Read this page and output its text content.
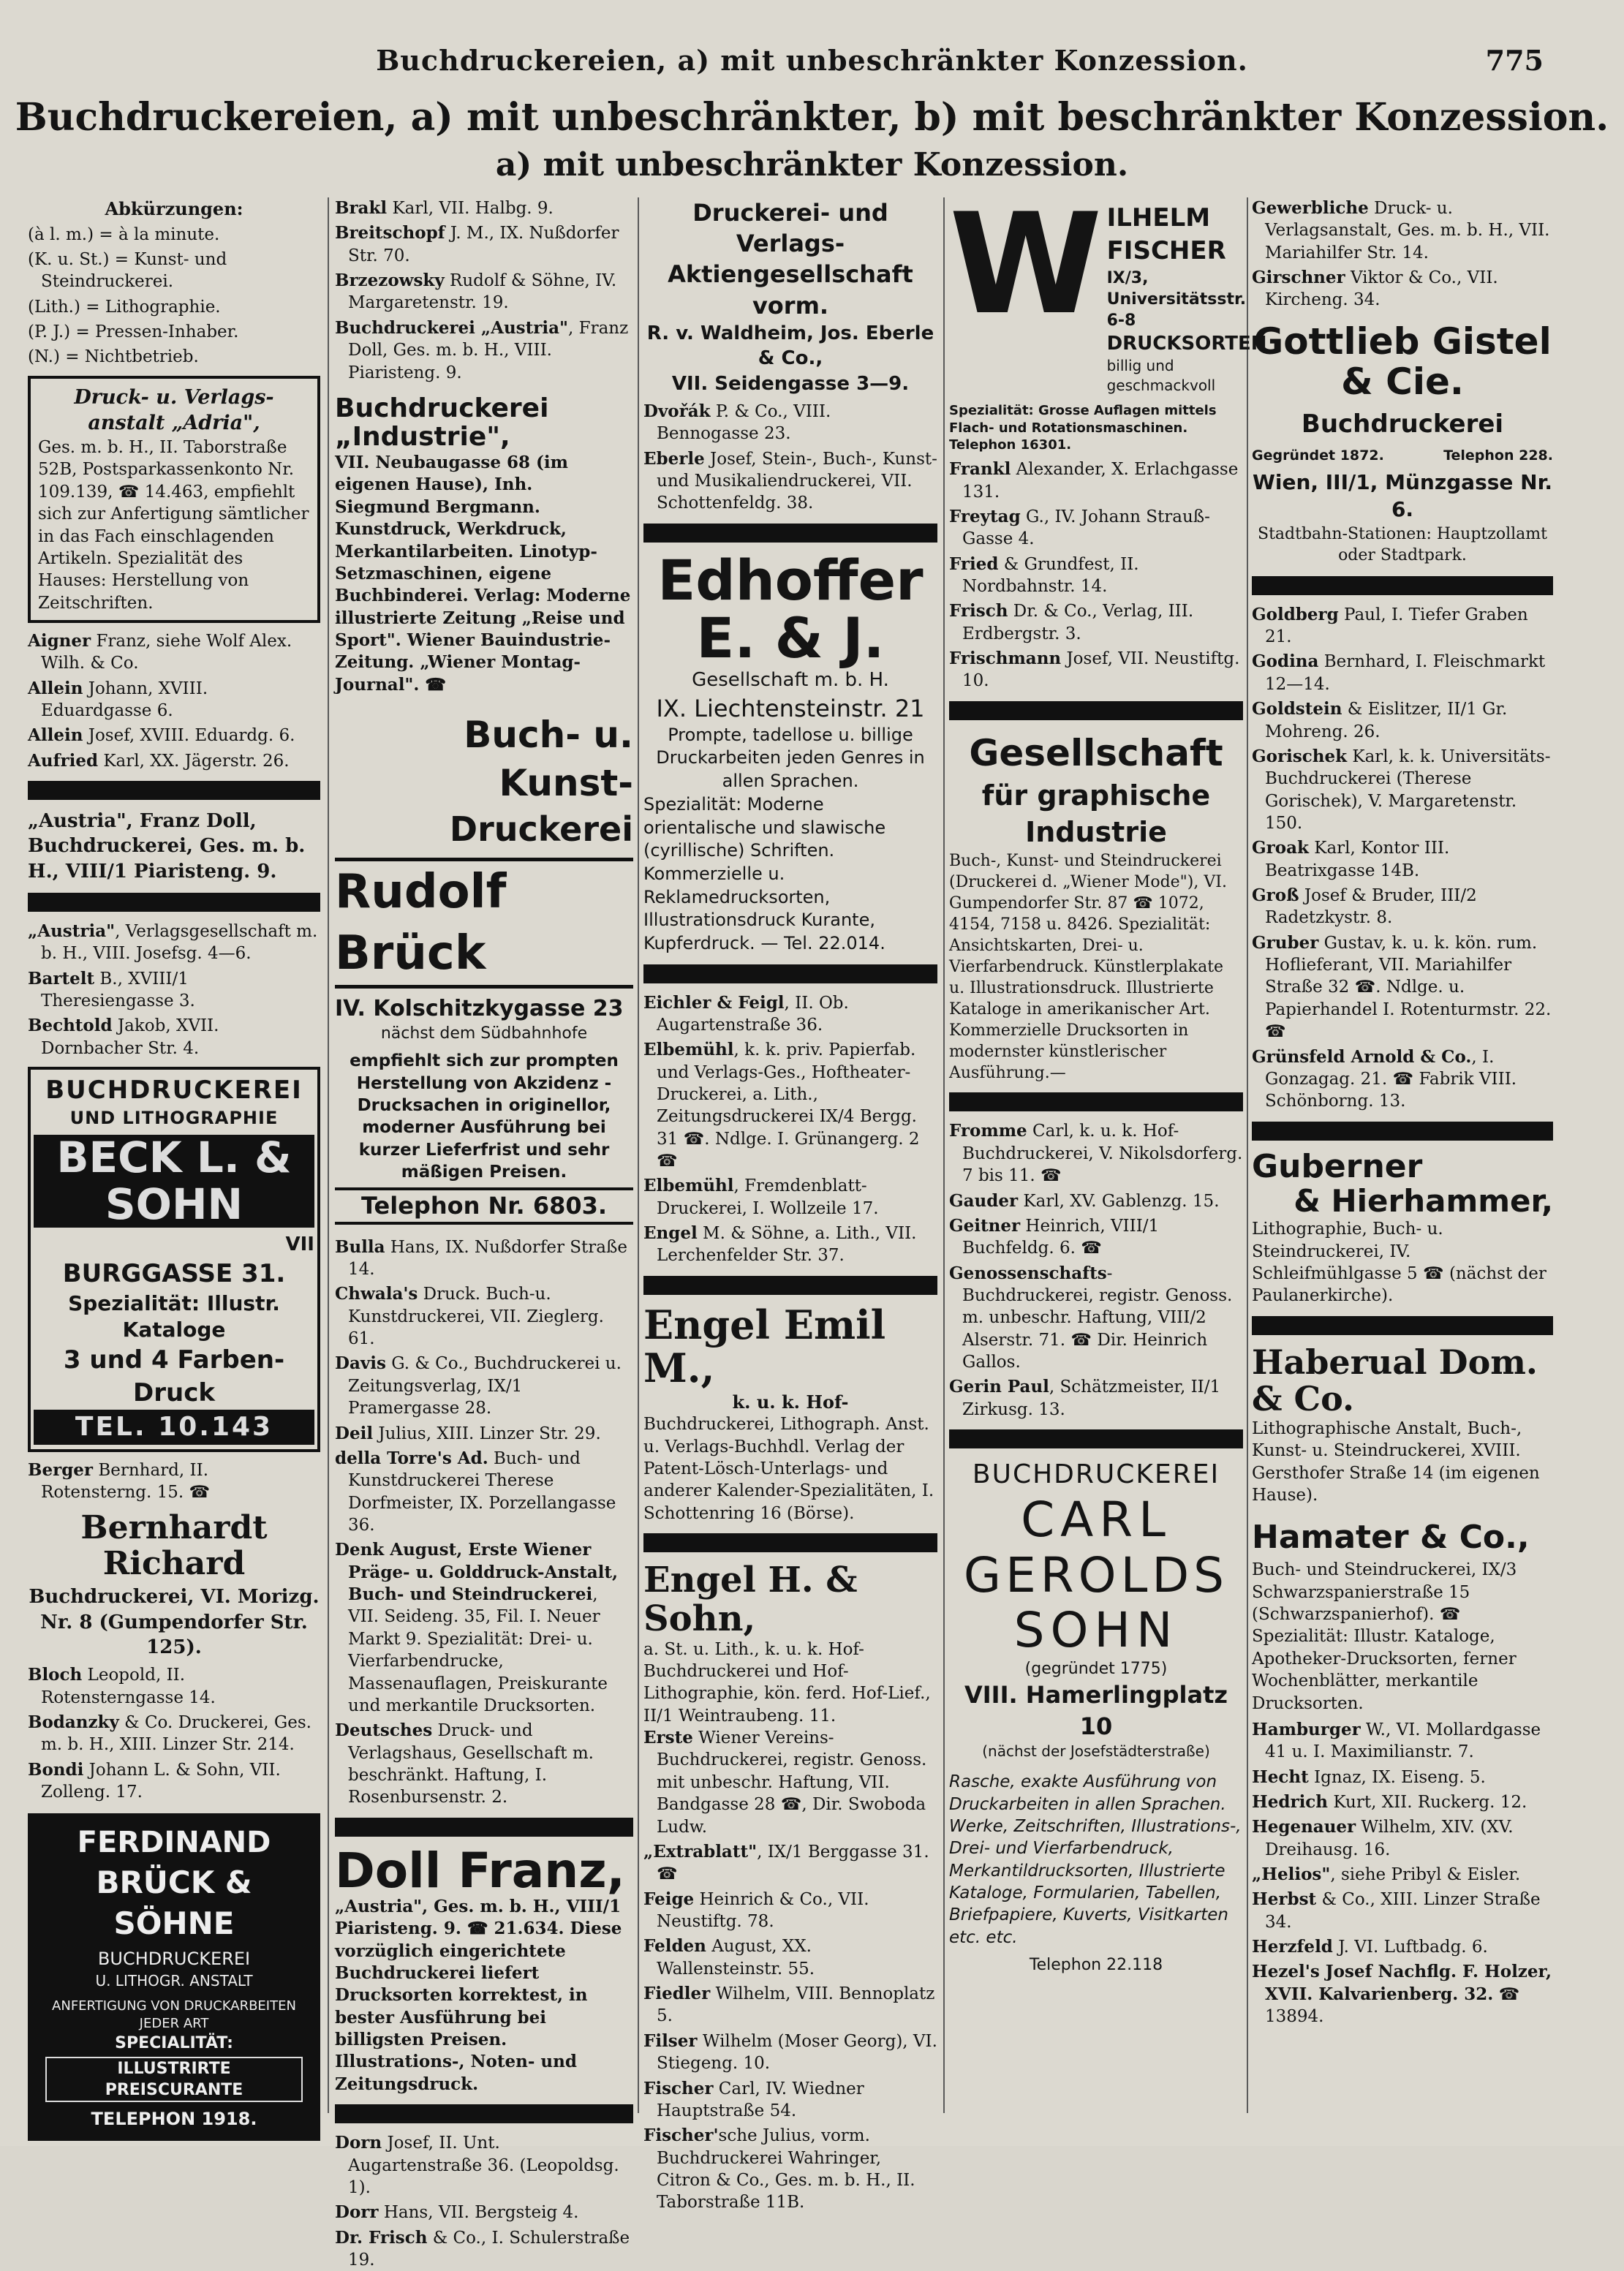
Buchdruckereien, a) mit unbeschränkter Konzession.	775
Buchdruckereien, a) mit unbeschränkter, b) mit beschränkter Konzession.
a) mit unbeschränkter Konzession.
Abkürzungen:
(à l. m.) = à la minute.
(K. u. St.) = Kunst- und Steindruckerei.
(Lith.) = Lithographie.
(P. J.) = Pressen-Inhaber.
(N.) = Nichtbetrieb.
Druck- u. Verlags-anstalt „Adria",
Ges. m. b. H., II. Taborstraße 52B, Postsparkassenkonto Nr. 109.139, ☎ 14.463, empfiehlt sich zur Anfertigung sämtlicher in das Fach einschlagenden Artikeln. Spezialität des Hauses: Herstellung von Zeitschriften.
Aigner Franz, siehe Wolf Alex. Wilh. & Co.
Allein Johann, XVIII. Eduardgasse 6.
Allein Josef, XVIII. Eduardg. 6.
Aufried Karl, XX. Jägerstr. 26.
„Austria", Franz Doll, Buchdruckerei, Ges. m. b. H., VIII/1 Piaristeng. 9.
„Austria", Verlagsgesellschaft m. b. H., VIII. Josefsg. 4—6.
Bartelt B., XVIII/1 Theresiengasse 3.
Bechtold Jakob, XVII. Dornbacher Str. 4.
BUCHDRUCKEREI
UND LITHOGRAPHIE
BECK L. & SOHN
VII
BURGGASSE 31.
Spezialität: Illustr. Kataloge
3 und 4 Farben-Druck
TEL. 10.143
Berger Bernhard, II. Rotensterng. 15. ☎
Bernhardt Richard
Buchdruckerei, VI. Morizg. Nr. 8 (Gumpendorfer Str. 125).
Bloch Leopold, II. Rotensterngasse 14.
Bodanzky & Co. Druckerei, Ges. m. b. H., XIII. Linzer Str. 214.
Bondi Johann L. & Sohn, VII. Zolleng. 17.
FERDINAND
BRÜCK & SÖHNE
BUCHDRUCKEREI
U. LITHOGR. ANSTALT
ANFERTIGUNG VON DRUCKARBEITEN JEDER ART
SPECIALITÄT:
ILLUSTRIRTE PREISCURANTE
TELEPHON 1918.
Brakl Karl, VII. Halbg. 9.
Breitschopf J. M., IX. Nußdorfer Str. 70.
Brzezowsky Rudolf & Söhne, IV. Margaretenstr. 19.
Buchdruckerei „Austria", Franz Doll, Ges. m. b. H., VIII. Piaristeng. 9.
Buchdruckerei „Industrie",
VII. Neubaugasse 68 (im eigenen Hause), Inh. Siegmund Bergmann. Kunstdruck, Werkdruck, Merkantilarbeiten. Linotyp-Setzmaschinen, eigene Buchbinderei. Verlag: Moderne illustrierte Zeitung „Reise und Sport". Wiener Bauindustrie-Zeitung. „Wiener Montag-Journal". ☎
Buch- u. Kunst-
Druckerei
Rudolf Brück
IV. Kolschitzkygasse 23
nächst dem Südbahnhofe
empfiehlt sich zur prompten Herstellung von Akzidenz - Drucksachen in originellor, moderner Ausführung bei kurzer Lieferfrist und sehr mäßigen Preisen.
Telephon Nr. 6803.
Bulla Hans, IX. Nußdorfer Straße 14.
Chwala's Druck. Buch-u. Kunstdruckerei, VII. Zieglerg. 61.
Davis G. & Co., Buchdruckerei u. Zeitungsverlag, IX/1 Pramergasse 28.
Deil Julius, XIII. Linzer Str. 29.
della Torre's Ad. Buch- und Kunstdruckerei Therese Dorfmeister, IX. Porzellangasse 36.
Denk August, Erste Wiener Präge- u. Golddruck-Anstalt, Buch- und Steindruckerei, VII. Seideng. 35, Fil. I. Neuer Markt 9. Spezialität: Drei- u. Vierfarbendrucke, Massenauflagen, Preiskurante und merkantile Drucksorten.
Deutsches Druck- und Verlagshaus, Gesellschaft m. beschränkt. Haftung, I. Rosenbursenstr. 2.
Doll Franz,
„Austria", Ges. m. b. H., VIII/1 Piaristeng. 9. ☎ 21.634. Diese vorzüglich eingerichtete Buchdruckerei liefert Drucksorten korrektest, in bester Ausführung bei billigsten Preisen. Illustrations-, Noten- und Zeitungsdruck.
Dorn Josef, II. Unt. Augartenstraße 36. (Leopoldsg. 1).
Dorr Hans, VII. Bergsteig 4.
Dr. Frisch & Co., I. Schulerstraße 19.
Druckerei- und Verlags-
Aktiengesellschaft vorm.
R. v. Waldheim, Jos. Eberle & Co.,
VII. Seidengasse 3—9.
Dvořák P. & Co., VIII. Bennogasse 23.
Eberle Josef, Stein-, Buch-, Kunst- und Musikaliendruckerei, VII. Schottenfeldg. 38.
Edhoffer E. & J.
Gesellschaft m. b. H.
IX. Liechtensteinstr. 21
Prompte, tadellose u. billige Druckarbeiten jeden Genres in allen Sprachen.
Spezialität: Moderne orientalische und slawische (cyrillische) Schriften. Kommerzielle u. Reklamedrucksorten, Illustrationsdruck Kurante, Kupferdruck. — Tel. 22.014.
Eichler & Feigl, II. Ob. Augartenstraße 36.
Elbemühl, k. k. priv. Papierfab. und Verlags-Ges., Hoftheater-Druckerei, a. Lith., Zeitungsdruckerei IX/4 Bergg. 31 ☎. Ndlge. I. Grünangerg. 2 ☎
Elbemühl, Fremdenblatt-Druckerei, I. Wollzeile 17.
Engel M. & Söhne, a. Lith., VII. Lerchenfelder Str. 37.
Engel Emil M.,
k. u. k. Hof-
Buchdruckerei, Lithograph. Anst. u. Verlags-Buchhdl. Verlag der Patent-Lösch-Unterlags- und anderer Kalender-Spezialitäten, I. Schottenring 16 (Börse).
Engel H. & Sohn,
a. St. u. Lith., k. u. k. Hof-Buchdruckerei und Hof-Lithographie, kön. ferd. Hof-Lief., II/1 Weintraubeng. 11.
Erste Wiener Vereins-Buchdruckerei, registr. Genoss. mit unbeschr. Haftung, VII. Bandgasse 28 ☎, Dir. Swoboda Ludw.
„Extrablatt", IX/1 Berggasse 31. ☎
Feige Heinrich & Co., VII. Neustiftg. 78.
Felden August, XX. Wallensteinstr. 55.
Fiedler Wilhelm, VIII. Bennoplatz 5.
Filser Wilhelm (Moser Georg), VI. Stiegeng. 10.
Fischer Carl, IV. Wiedner Hauptstraße 54.
Fischer'sche Julius, vorm. Buchdruckerei Wahringer, Citron & Co., Ges. m. b. H., II. Taborstraße 11B.
W ILHELM FISCHER
IX/3, Universitätsstr. 6-8
DRUCKSORTEN
billig und geschmackvoll
Spezialität: Grosse Auflagen mittels Flach- und Rotationsmaschinen. Telephon 16301.
Frankl Alexander, X. Erlachgasse 131.
Freytag G., IV. Johann Strauß-Gasse 4.
Fried & Grundfest, II. Nordbahnstr. 14.
Frisch Dr. & Co., Verlag, III. Erdbergstr. 3.
Frischmann Josef, VII. Neustiftg. 10.
Gesellschaft
für graphische Industrie
Buch-, Kunst- und Steindruckerei (Druckerei d. „Wiener Mode"), VI. Gumpendorfer Str. 87 ☎ 1072, 4154, 7158 u. 8426. Spezialität: Ansichtskarten, Drei- u. Vierfarbendruck. Künstlerplakate u. Illustrationsdruck. Illustrierte Kataloge in amerikanischer Art. Kommerzielle Drucksorten in modernster künstlerischer Ausführung.—
Fromme Carl, k. u. k. Hof-Buchdruckerei, V. Nikolsdorferg. 7 bis 11. ☎
Gauder Karl, XV. Gablenzg. 15.
Geitner Heinrich, VIII/1 Buchfeldg. 6. ☎
Genossenschafts-Buchdruckerei, registr. Genoss. m. unbeschr. Haftung, VIII/2 Alserstr. 71. ☎ Dir. Heinrich Gallos.
Gerin Paul, Schätzmeister, II/1 Zirkusg. 13.
BUCHDRUCKEREI
CARL
GEROLDS
SOHN
(gegründet 1775)
VIII. Hamerlingplatz 10
(nächst der Josefstädterstraße)
Rasche, exakte Ausführung von Druckarbeiten in allen Sprachen. Werke, Zeitschriften, Illustrations-, Drei- und Vierfarbendruck, Merkantildrucksorten, Illustrierte Kataloge, Formularien, Tabellen, Briefpapiere, Kuverts, Visitkarten etc. etc.
Telephon 22.118
Gewerbliche Druck- u. Verlagsanstalt, Ges. m. b. H., VII. Mariahilfer Str. 14.
Girschner Viktor & Co., VII. Kircheng. 34.
Gottlieb Gistel & Cie.
Buchdruckerei
Gegründet 1872.	Telephon 228.
Wien, III/1, Münzgasse Nr. 6.
Stadtbahn-Stationen: Hauptzollamt oder Stadtpark.
Goldberg Paul, I. Tiefer Graben 21.
Godina Bernhard, I. Fleischmarkt 12—14.
Goldstein & Eislitzer, II/1 Gr. Mohreng. 26.
Gorischek Karl, k. k. Universitäts-Buchdruckerei (Therese Gorischek), V. Margaretenstr. 150.
Groak Karl, Kontor III. Beatrixgasse 14B.
Groß Josef & Bruder, III/2 Radetzkystr. 8.
Gruber Gustav, k. u. k. kön. rum. Hoflieferant, VII. Mariahilfer Straße 32 ☎. Ndlge. u. Papierhandel I. Rotenturmstr. 22. ☎
Grünsfeld Arnold & Co., I. Gonzagag. 21. ☎ Fabrik VIII. Schönborng. 13.
Guberner
& Hierhammer,
Lithographie, Buch- u. Steindruckerei, IV. Schleifmühlgasse 5 ☎ (nächst der Paulanerkirche).
Haberual Dom. & Co.
Lithographische Anstalt, Buch-, Kunst- u. Steindruckerei, XVIII. Gersthofer Straße 14 (im eigenen Hause).
Hamater & Co.,
Buch- und Steindruckerei, IX/3 Schwarzspanierstraße 15 (Schwarzspanierhof). ☎ Spezialität: Illustr. Kataloge, Apotheker-Drucksorten, ferner Wochenblätter, merkantile Drucksorten.
Hamburger W., VI. Mollardgasse 41 u. I. Maximilianstr. 7.
Hecht Ignaz, IX. Eiseng. 5.
Hedrich Kurt, XII. Ruckerg. 12.
Hegenauer Wilhelm, XIV. (XV. Dreihausg. 16.
„Helios", siehe Pribyl & Eisler.
Herbst & Co., XIII. Linzer Straße 34.
Herzfeld J. VI. Luftbadg. 6.
Hezel's Josef Nachflg. F. Holzer, XVII. Kalvarienberg. 32. ☎ 13894.
